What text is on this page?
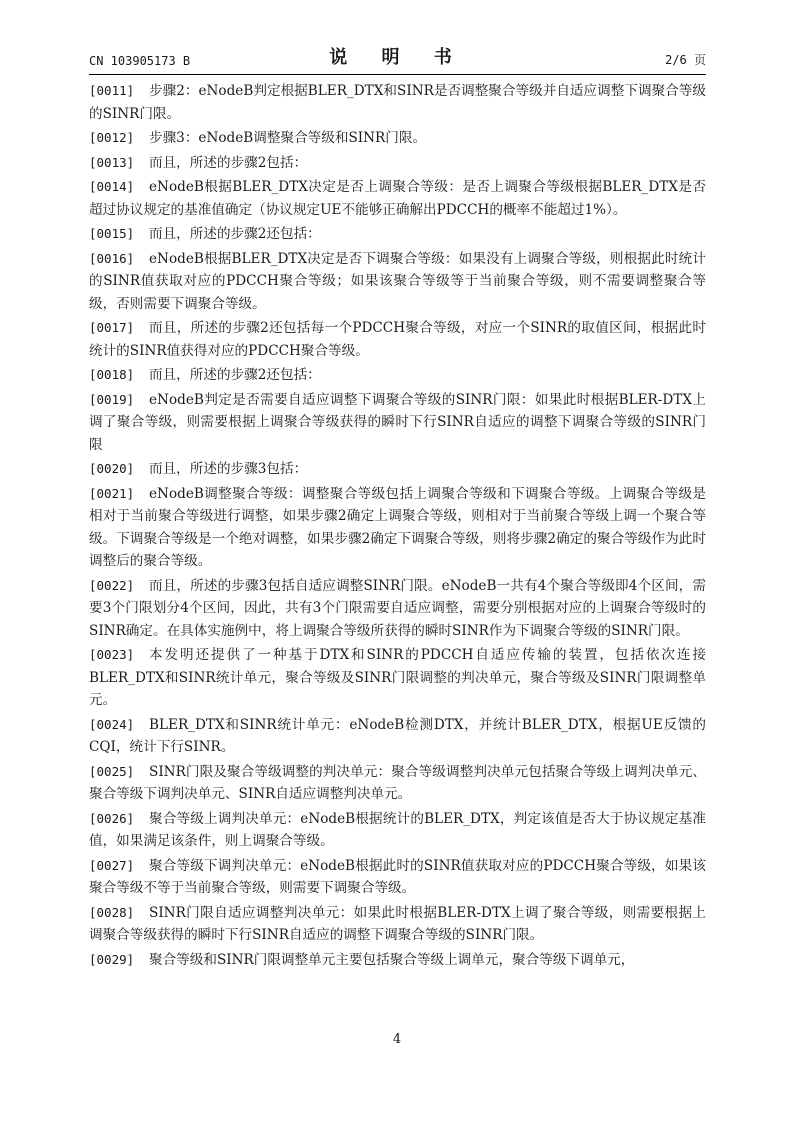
CN 103905173 B	说 明 书	2/6 页

[0011] 步骤2：eNodeB判定根据BLER_DTX和SINR是否调整聚合等级并自适应调整下调聚合等级的SINR门限。

[0012] 步骤3：eNodeB调整聚合等级和SINR门限。

[0013] 而且，所述的步骤2包括：

[0014] eNodeB根据BLER_DTX决定是否上调聚合等级：是否上调聚合等级根据BLER_DTX是否超过协议规定的基准值确定（协议规定UE不能够正确解出PDCCH的概率不能超过1%）。

[0015] 而且，所述的步骤2还包括：

[0016] eNodeB根据BLER_DTX决定是否下调聚合等级：如果没有上调聚合等级，则根据此时统计的SINR值获取对应的PDCCH聚合等级；如果该聚合等级等于当前聚合等级，则不需要调整聚合等级，否则需要下调聚合等级。

[0017] 而且，所述的步骤2还包括每一个PDCCH聚合等级，对应一个SINR的取值区间，根据此时统计的SINR值获得对应的PDCCH聚合等级。

[0018] 而且，所述的步骤2还包括：

[0019] eNodeB判定是否需要自适应调整下调聚合等级的SINR门限：如果此时根据BLER-DTX上调了聚合等级，则需要根据上调聚合等级获得的瞬时下行SINR自适应的调整下调聚合等级的SINR门限

[0020] 而且，所述的步骤3包括：

[0021] eNodeB调整聚合等级：调整聚合等级包括上调聚合等级和下调聚合等级。上调聚合等级是相对于当前聚合等级进行调整，如果步骤2确定上调聚合等级，则相对于当前聚合等级上调一个聚合等级。下调聚合等级是一个绝对调整，如果步骤2确定下调聚合等级，则将步骤2确定的聚合等级作为此时调整后的聚合等级。

[0022] 而且，所述的步骤3包括自适应调整SINR门限。eNodeB一共有4个聚合等级即4个区间，需要3个门限划分4个区间，因此，共有3个门限需要自适应调整，需要分别根据对应的上调聚合等级时的SINR确定。在具体实施例中，将上调聚合等级所获得的瞬时SINR作为下调聚合等级的SINR门限。

[0023] 本发明还提供了一种基于DTX和SINR的PDCCH自适应传输的装置，包括依次连接BLER_DTX和SINR统计单元，聚合等级及SINR门限调整的判决单元，聚合等级及SINR门限调整单元。

[0024] BLER_DTX和SINR统计单元：eNodeB检测DTX，并统计BLER_DTX，根据UE反馈的CQI，统计下行SINR。

[0025] SINR门限及聚合等级调整的判决单元：聚合等级调整判决单元包括聚合等级上调判决单元、聚合等级下调判决单元、SINR自适应调整判决单元。

[0026] 聚合等级上调判决单元：eNodeB根据统计的BLER_DTX，判定该值是否大于协议规定基准值，如果满足该条件，则上调聚合等级。

[0027] 聚合等级下调判决单元：eNodeB根据此时的SINR值获取对应的PDCCH聚合等级，如果该聚合等级不等于当前聚合等级，则需要下调聚合等级。

[0028] SINR门限自适应调整判决单元：如果此时根据BLER-DTX上调了聚合等级，则需要根据上调聚合等级获得的瞬时下行SINR自适应的调整下调聚合等级的SINR门限。

[0029] 聚合等级和SINR门限调整单元主要包括聚合等级上调单元，聚合等级下调单元，

4
